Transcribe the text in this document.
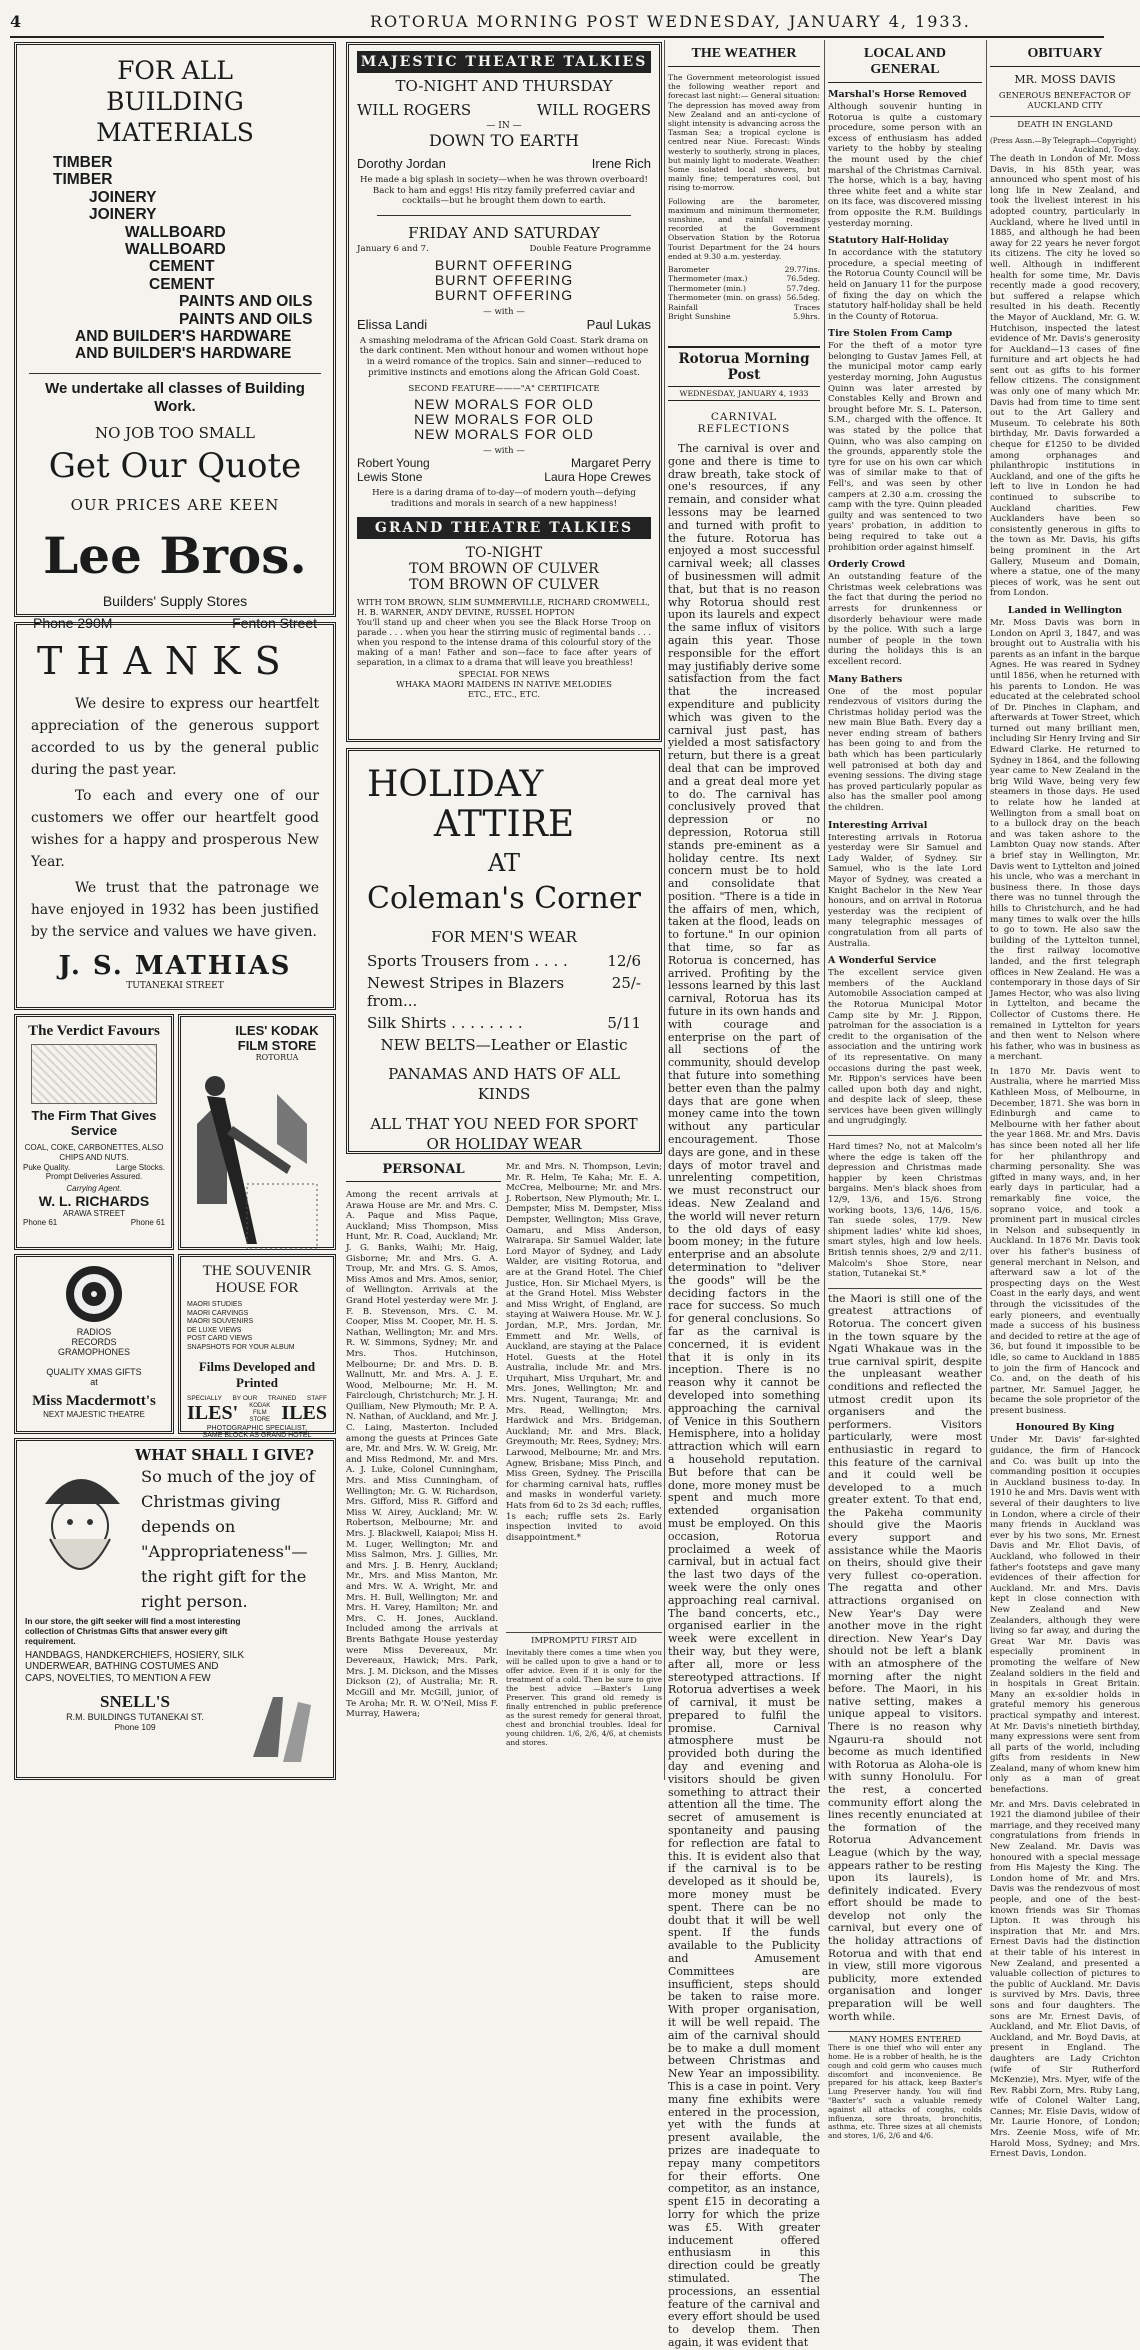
4	ROTORUA MORNING POST WEDNESDAY, JANUARY 4, 1933.
FOR ALL BUILDING MATERIALS
TIMBER
TIMBER
JOINERY
JOINERY
WALLBOARD
WALLBOARD
CEMENT
CEMENT
PAINTS AND OILS
PAINTS AND OILS
AND BUILDER'S HARDWARE
AND BUILDER'S HARDWARE
We undertake all classes of Building Work.
NO JOB TOO SMALL
Get Our Quote
OUR PRICES ARE KEEN
Lee Bros.
Builders' Supply Stores
Phone 290M	Fenton Street
THANKS
We desire to express our heartfelt appreciation of the generous support accorded to us by the general public during the past year.
To each and every one of our customers we offer our heartfelt good wishes for a happy and prosperous New Year.
We trust that the patronage we have enjoyed in 1932 has been justified by the service and values we have given.
J. S. MATHIAS
TUTANEKAI STREET
The Verdict Favours
The Firm That Gives Service
COAL, COKE, CARBONETTES, ALSO CHIPS AND NUTS.
Puke Quality.	Large Stocks.
Prompt Deliveries Assured.
Carrying Agent.
W. L. RICHARDS
ARAWA STREET
Phone 61	Phone 61
ILES' KODAK FILM STORE
ROTORUA
RADIOS
RECORDS
GRAMOPHONES
QUALITY XMAS GIFTS
at
Miss Macdermott's
NEXT MAJESTIC THEATRE
THE SOUVENIR HOUSE FOR
MAORI STUDIES
MAORI CARVINGS
MAORI SOUVENIRS
DE LUXE VIEWS
POST CARD VIEWS
SNAPSHOTS FOR YOUR ALBUM
Films Developed and Printed
SPECIALLY BY OUR TRAINED STAFF
ILES'	KODAK FILM STORE ILES
PHOTOGRAPHIC SPECIALIST,
SAME BLOCK AS GRAND HOTEL
WHAT SHALL I GIVE?
So much of the joy of Christmas giving depends on "Appropriateness"—the right gift for the right person.
In our store, the gift seeker will find a most interesting collection of Christmas Gifts that answer every gift requirement.
HANDBAGS, HANDKERCHIEFS, HOSIERY, SILK UNDERWEAR, BATHING COSTUMES AND CAPS, NOVELTIES, TO MENTION A FEW
SNELL'S
R.M. BUILDINGS TUTANEKAI ST.
Phone 109
MAJESTIC THEATRE TALKIES
TO-NIGHT AND THURSDAY
WILL ROGERS	WILL ROGERS
— IN —
DOWN TO EARTH
Dorothy Jordan	Irene Rich
He made a big splash in society—when he was thrown overboard! Back to ham and eggs! His ritzy family preferred caviar and cocktails—but he brought them down to earth.
FRIDAY AND SATURDAY
January 6 and 7.	Double Feature Programme
BURNT OFFERING
BURNT OFFERING
BURNT OFFERING
— with —
Elissa Landi	Paul Lukas
A smashing melodrama of the African Gold Coast. Stark drama on the dark continent. Men without honour and women without hope in a weird romance of the tropics. Sain and sinner—reduced to primitive instincts and emotions along the African Gold Coast.
SECOND FEATURE———"A" CERTIFICATE
NEW MORALS FOR OLD
NEW MORALS FOR OLD
NEW MORALS FOR OLD
— with —
Robert Young	Margaret Perry
Lewis Stone	Laura Hope Crewes
Here is a daring drama of to-day—of modern youth—defying traditions and morals in search of a new happiness!
GRAND THEATRE TALKIES
TO-NIGHT
TOM BROWN OF CULVER
TOM BROWN OF CULVER
WITH TOM BROWN, SLIM SUMMERVILLE, RICHARD CROMWELL, H. B. WARNER, ANDY DEVINE, RUSSEL HOPTON
You'll stand up and cheer when you see the Black Horse Troop on parade . . . when you hear the stirring music of regimental bands . . . when you respond to the intense drama of this colourful story of the making of a man! Father and son—face to face after years of separation, in a climax to a drama that will leave you breathless!
SPECIAL FOR NEWS
WHAKA MAORI MAIDENS IN NATIVE MELODIES
ETC., ETC., ETC.
HOLIDAY
ATTIRE
AT
Coleman's Corner
FOR MEN'S WEAR
Sports Trousers from . . . .	12/6
Newest Stripes in Blazers from...
25/-
Silk Shirts . . . . . . . .	5/11
NEW BELTS—Leather or Elastic
PANAMAS AND HATS OF ALL KINDS
ALL THAT YOU NEED FOR SPORT OR HOLIDAY WEAR
PERSONAL
Among the recent arrivals at Arawa House are Mr. and Mrs. C. A. Paque and Miss Paque, Auckland; Miss Thompson, Miss Hunt, Mr. R. Coad, Auckland; Mr. J. G. Banks, Waihi; Mr. Haig, Gisborne; Mr. and Mrs. G. A. Troup, Mr. and Mrs. G. S. Amos, Miss Amos and Mrs. Amos, senior, of Wellington. Arrivals at the Grand Hotel yesterday were Mr. J. F. B. Stevenson, Mrs. C. M. Cooper, Miss M. Cooper, Mr. H. S. Nathan, Wellington; Mr. and Mrs. R. W. Simmons, Sydney; Mr. and Mrs. Thos. Hutchinson, Melbourne; Dr. and Mrs. D. B. Wallnutt, Mr. and Mrs. A. J. E. Wood, Melbourne; Mr. H. M. Fairclough, Christchurch; Mr. J. H. Quilliam, New Plymouth; Mr. P. A. N. Nathan, of Auckland, and Mr. J. C. Laing, Masterton. Included among the guests at Princes Gate are, Mr. and Mrs. W. W. Greig, Mr. and Miss Redmond, Mr. and Mrs. A. J. Luke, Colonel Cunningham, Mrs. and Miss Cunningham, of Wellington; Mr. G. W. Richardson, Mrs. Gifford, Miss R. Gifford and Miss W. Airey, Auckland; Mr. W. Robertson, Melbourne; Mr. and Mrs. J. Blackwell, Kaiapoi; Miss H. M. Luger, Wellington; Mr. and Miss Salmon, Mrs. J. Gillies, Mr. and Mrs. J. B. Henry, Auckland; Mr., Mrs. and Miss Manton, Mr. and Mrs. W. A. Wright, Mr. and Mrs. H. Bull, Wellington; Mr. and Mrs. H. Varey, Hamilton; Mr. and Mrs. C. H. Jones, Auckland. Included among the arrivals at Brents Bathgate House yesterday were Miss Devereaux, Mr. Devereaux, Hawick; Mrs. Park, Mrs. J. M. Dickson, and the Misses Dickson (2), of Australia; Mr. R. McGill and Mr. McGill, junior, of Te Aroha; Mr. R. W. O'Neil, Miss F. Murray, Hawera;
Mr. and Mrs. N. Thompson, Levin; Mr. R. Helm, Te Kaha; Mr. E. A. McCrea, Melbourne; Mr. and Mrs. J. Robertson, New Plymouth; Mr. L. Dempster, Miss M. Dempster, Miss Dempster, Wellington; Miss Grave, Oamaru, and Miss Anderson, Wairarapa. Sir Samuel Walder, late Lord Mayor of Sydney, and Lady Walder, are visiting Rotorua, and are at the Grand Hotel. The Chief Justice, Hon. Sir Michael Myers, is at the Grand Hotel. Miss Webster and Miss Wright, of England, are staying at Waiwera House. Mr. W. J. Jordan, M.P., Mrs. Jordan, Mr. Emmett and Mr. Wells, of Auckland, are staying at the Palace Hotel. Guests at the Hotel Australia, include Mr. and Mrs. Urquhart, Miss Urquhart, Mr. and Mrs. Jones, Wellington; Mr. and Mrs. Nugent, Tauranga; Mr. and Mrs. Read, Wellington; Mrs. Hardwick and Mrs. Bridgeman, Auckland; Mr. and Mrs. Black, Greymouth; Mr. Rees, Sydney; Mrs. Larwood, Melbourne; Mr. and Mrs. Agnew, Brisbane; Miss Pinch, and Miss Green, Sydney. The Priscilla for charming carnival hats, ruffles and masks in wonderful variety. Hats from 6d to 2s 3d each; ruffles, 1s each; ruffle sets 2s. Early inspection invited to avoid disappointment.*
IMPROMPTU FIRST AID
Inevitably there comes a time when you will be called upon to give a hand or to offer advice. Even if it is only for the treatment of a cold. Then be sure to give the best advice —Baxter's Lung Preserver. This grand old remedy is finally entrenched in public preference as the surest remedy for general throat, chest and bronchial troubles. Ideal for young children. 1/6, 2/6, 4/6, at chemists and stores.
THE WEATHER
The Government meteorologist issued the following weather report and forecast last night:— General situation: The depression has moved away from New Zealand and an anti-cyclone of slight intensity is advancing across the Tasman Sea; a tropical cyclone is centred near Niue. Forecast: Winds westerly to southerly, strong in places, but mainly light to moderate. Weather: Some isolated local showers, but mainly fine; temperatures cool, but rising to-morrow.
Following are the barometer, maximum and minimum thermometer, sunshine, and rainfall readings recorded at the Government Observation Station by the Rotorua Tourist Department for the 24 hours ended at 9.30 a.m. yesterday.
Barometer	29.77ins.
Thermometer (max.)	76.5deg.
Thermometer (min.)	57.7deg.
Thermometer (min. on grass) 56.5deg.
Rainfall	Traces
Bright Sunshine	5.9hrs.
Rotorua Morning Post
WEDNESDAY, JANUARY 4, 1933
CARNIVAL REFLECTIONS
The carnival is over and gone and there is time to draw breath, take stock of one's resources, if any remain, and consider what lessons may be learned and turned with profit to the future. Rotorua has enjoyed a most successful carnival week; all classes of businessmen will admit that, but that is no reason why Rotorua should rest upon its laurels and expect the same influx of visitors again this year. Those responsible for the effort may justifiably derive some satisfaction from the fact that the increased expenditure and publicity which was given to the carnival just past, has yielded a most satisfactory return, but there is a great deal that can be improved and a great deal more yet to do. The carnival has conclusively proved that depression or no depression, Rotorua still stands pre-eminent as a holiday centre. Its next concern must be to hold and consolidate that position. "There is a tide in the affairs of men, which, taken at the flood, leads on to fortune." In our opinion that time, so far as Rotorua is concerned, has arrived. Profiting by the lessons learned by this last carnival, Rotorua has its future in its own hands and with courage and enterprise on the part of all sections of the community, should develop that future into something better even than the palmy days that are gone when money came into the town without any particular encouragement. Those days are gone, and in these days of motor travel and unrelenting competition, we must reconstruct our ideas. New Zealand and the world will never return to the old days of easy boom money; in the future enterprise and an absolute determination to "deliver the goods" will be the deciding factors in the race for success. So much for general conclusions. So far as the carnival is concerned, it is evident that it is only in its inception. There is no reason why it cannot be developed into something approaching the carnival of Venice in this Southern Hemisphere, into a holiday attraction which will earn a household reputation. But before that can be done, more money must be spent and much more extended organisation must be employed. On this occasion, Rotorua proclaimed a week of carnival, but in actual fact the last two days of the week were the only ones approaching real carnival. The band concerts, etc., organised earlier in the week were excellent in their way, but they were, after all, more or less stereotyped attractions. If Rotorua advertises a week of carnival, it must be prepared to fulfil the promise. Carnival atmosphere must be provided both during the day and evening and visitors should be given something to attract their attention all the time. The secret of amusement is spontaneity and pausing for reflection are fatal to this. It is evident also that if the carnival is to be developed as it should be, more money must be spent. There can be no doubt that it will be well spent. If the funds available to the Publicity and Amusement Committees are insufficient, steps should be taken to raise more. With proper organisation, it will be well repaid. The aim of the carnival should be to make a dull moment between Christmas and New Year an impossibility. This is a case in point. Very many fine exhibits were entered in the procession, yet with the funds at present available, the prizes are inadequate to repay many competitors for their efforts. One competitor, as an instance, spent £15 in decorating a lorry for which the prize was £5. With greater inducement offered enthusiasm in this direction could be greatly stimulated. The processions, an essential feature of the carnival and every effort should be used to develop them. Then again, it was evident that
LOCAL AND GENERAL
Marshal's Horse Removed
Although souvenir hunting in Rotorua is quite a customary procedure, some person with an excess of enthusiasm has added variety to the hobby by stealing the mount used by the chief marshal of the Christmas Carnival. The horse, which is a bay, having three white feet and a white star on its face, was discovered missing from opposite the R.M. Buildings yesterday morning.
Statutory Half-Holiday
In accordance with the statutory procedure, a special meeting of the Rotorua County Council will be held on January 11 for the purpose of fixing the day on which the statutory half-holiday shall be held in the County of Rotorua.
Tire Stolen From Camp
For the theft of a motor tyre belonging to Gustav James Fell, at the municipal motor camp early yesterday morning, John Augustus Quinn was later arrested by Constables Kelly and Brown and brought before Mr. S. L. Paterson, S.M., charged with the offence. It was stated by the police that Quinn, who was also camping on the grounds, apparently stole the tyre for use on his own car which was of similar make to that of Fell's, and was seen by other campers at 2.30 a.m. crossing the camp with the tyre. Quinn pleaded guilty and was sentenced to two years' probation, in addition to being required to take out a prohibition order against himself.
Orderly Crowd
An outstanding feature of the Christmas week celebrations was the fact that during the period no arrests for drunkenness or disorderly behaviour were made by the police. With such a large number of people in the town during the holidays this is an excellent record.
Many Bathers
One of the most popular rendezvous of visitors during the Christmas holiday period was the new main Blue Bath. Every day a never ending stream of bathers has been going to and from the bath which has been particularly well patronised at both day and evening sessions. The diving stage has proved particularly popular as also has the smaller pool among the children.
Interesting Arrival
Interesting arrivals in Rotorua yesterday were Sir Samuel and Lady Walder, of Sydney. Sir Samuel, who is the late Lord Mayor of Sydney, was created a Knight Bachelor in the New Year honours, and on arrival in Rotorua yesterday was the recipient of many telegraphic messages of congratulation from all parts of Australia.
A Wonderful Service
The excellent service given members of the Auckland Automobile Association camped at the Rotorua Municipal Motor Camp site by Mr. J. Rippon, patrolman for the association is a credit to the organisation of the association and the untiring work of its representative. On many occasions during the past week, Mr. Rippon's services have been called upon both day and night, and despite lack of sleep, these services have been given willingly and ungrudgingly.
Hard times? No, not at Malcolm's where the edge is taken off the depression and Christmas made happier by keen Christmas bargains. Men's black shoes from 12/9, 13/6, and 15/6. Strong working boots, 13/6, 14/6, 15/6. Tan suede soles, 17/9. New shipment ladies' white kid shoes, smart styles, high and low heels. British tennis shoes, 2/9 and 2/11. Malcolm's Shoe Store, near station, Tutanekai St.*
the Maori is still one of the greatest attractions of Rotorua. The concert given in the town square by the Ngati Whakaue was in the true carnival spirit, despite the unpleasant weather conditions and reflected the utmost credit upon its organisers and the performers. Visitors particularly, were most enthusiastic in regard to this feature of the carnival and it could well be developed to a much greater extent. To that end, the Pakeha community should give the Maoris every support and assistance while the Maoris on theirs, should give their very fullest co-operation. The regatta and other attractions organised on New Year's Day were another move in the right direction. New Year's Day should not be left a blank with an atmosphere of the morning after the night before. The Maori, in his native setting, makes a unique appeal to visitors. There is no reason why Ngauru-ra should not become as much identified with Rotorua as Aloha-ole is with sunny Honolulu. For the rest, a concerted community effort along the lines recently enunciated at the formation of the Rotorua Advancement League (which by the way, appears rather to be resting upon its laurels), is definitely indicated. Every effort should be made to develop not only the carnival, but every one of the holiday attractions of Rotorua and with that end in view, still more vigorous publicity, more extended organisation and longer preparation will be well worth while.
MANY HOMES ENTERED
There is one thief who will enter any home. He is a robber of health, he is the cough and cold germ who causes much discomfort and inconvenience. Be prepared for his attack, keep Baxter's Lung Preserver handy. You will find "Baxter's" such a valuable remedy against all attacks of coughs, colds influenza, sore throats, bronchitis, asthma, etc. Three sizes at all chemists and stores, 1/6, 2/6 and 4/6.
OBITUARY
MR. MOSS DAVIS
GENEROUS BENEFACTOR OF AUCKLAND CITY
DEATH IN ENGLAND
(Press Assn.—By Telegraph—Copyright)
Auckland, To-day.
The death in London of Mr. Moss Davis, in his 85th year, was announced who spent most of his long life in New Zealand, and took the liveliest interest in his adopted country, particularly in Auckland, where he lived until in 1885, and although he had been away for 22 years he never forgot its citizens. The city he loved so well. Although in indifferent health for some time, Mr. Davis recently made a good recovery, but suffered a relapse which resulted in his death. Recently the Mayor of Auckland, Mr. G. W. Hutchison, inspected the latest evidence of Mr. Davis's generosity for Auckland—13 cases of fine furniture and art objects he had sent out as gifts to his former fellow citizens. The consignment was only one of many which Mr. Davis had from time to time sent out to the Art Gallery and Museum. To celebrate his 80th birthday, Mr. Davis forwarded a cheque for £1250 to be divided among orphanages and philanthropic institutions in Auckland, and one of the gifts he left to live in London he had continued to subscribe to Auckland charities. Few Aucklanders have been so consistently generous in gifts to the town as Mr. Davis, his gifts being prominent in the Art Gallery, Museum and Domain, where a statue, one of the many pieces of work, was he sent out from London.
Landed in Wellington
Mr. Moss Davis was born in London on April 3, 1847, and was brought out to Australia with his parents as an infant in the barque Agnes. He was reared in Sydney until 1856, when he returned with his parents to London. He was educated at the celebrated school of Dr. Pinches in Clapham, and afterwards at Tower Street, which turned out many brilliant men, including Sir Henry Irving and Sir Edward Clarke. He returned to Sydney in 1864, and the following year came to New Zealand in the brig Wild Wave, being very few steamers in those days. He used to relate how he landed at Wellington from a small boat on to a bullock dray on the beach and was taken ashore to the Lambton Quay now stands. After a brief stay in Wellington, Mr. Davis went to Lyttelton and joined his uncle, who was a merchant in business there. In those days there was no tunnel through the hills to Christchurch, and he had many times to walk over the hills to go to town. He also saw the building of the Lyttelton tunnel, the first railway locomotive landed, and the first telegraph offices in New Zealand. He was a contemporary in those days of Sir James Hector, who was also living in Lyttelton, and became the Collector of Customs there. He remained in Lyttelton for years and then went to Nelson where his father, who was in business as a merchant.
In 1870 Mr. Davis went to Australia, where he married Miss Kathleen Moss, of Melbourne, in December, 1871. She was born in Edinburgh and came to Melbourne with her father about the year 1868. Mr. and Mrs. Davis has since been noted all her life for her philanthropy and charming personality. She was gifted in many ways, and, in her early days in particular, had a remarkably fine voice, the soprano voice, and took a prominent part in musical circles in Nelson and subsequently in Auckland. In 1876 Mr. Davis took over his father's business of general merchant in Nelson, and afterward saw a lot of the prospecting days on the West Coast in the early days, and went through the vicissitudes of the early pioneers, and eventually made a success of his business and decided to retire at the age of 36, but found it impossible to be idle, so came to Auckland in 1885 to join the firm of Hancock and Co. and, on the death of his partner, Mr. Samuel Jagger, he became the sole proprietor of the present business.
Honoured By King
Under Mr. Davis' far-sighted guidance, the firm of Hancock and Co. was built up into the commanding position it occupies in Auckland business to-day. In 1910 he and Mrs. Davis went with several of their daughters to live in London, where a circle of their many friends in Auckland was ever by his two sons, Mr. Ernest Davis and Mr. Eliot Davis, of Auckland, who followed in their father's footsteps and gave many evidences of their affection for Auckland. Mr. and Mrs. Davis kept in close connection with New Zealand and New Zealanders, although they were living so far away, and during the Great War Mr. Davis was especially prominent in promoting the welfare of New Zealand soldiers in the field and in hospitals in Great Britain. Many an ex-soldier holds in grateful memory his generous practical sympathy and interest. At Mr. Davis's ninetieth birthday, many expressions were sent from all parts of the world, including gifts from residents in New Zealand, many of whom knew him only as a man of great benefactions.
Mr. and Mrs. Davis celebrated in 1921 the diamond jubilee of their marriage, and they received many congratulations from friends in New Zealand. Mr. Davis was honoured with a special message from His Majesty the King. The London home of Mr. and Mrs. Davis was the rendezvous of most people, and one of the best-known friends was Sir Thomas Lipton. It was through his inspiration that Mr. and Mrs. Ernest Davis had the distinction at their table of his interest in New Zealand, and presented a valuable collection of pictures to the public of Auckland. Mr. Davis is survived by Mrs. Davis, three sons and four daughters. The sons are Mr. Ernest Davis, of Auckland, and Mr. Eliot Davis, of Auckland, and Mr. Boyd Davis, at present in England. The daughters are Lady Crichton (wife of Sir Rutherford McKenzie), Mrs. Myer, wife of the Rev. Rabbi Zorn, Mrs. Ruby Lang, wife of Colonel Walter Lang, Cannes; Mr. Elsie Davis, widow of Mr. Laurie Honore, of London; Mrs. Zeenie Moss, wife of Mr. Harold Moss, Sydney; and Mrs. Ernest Davis, London.
